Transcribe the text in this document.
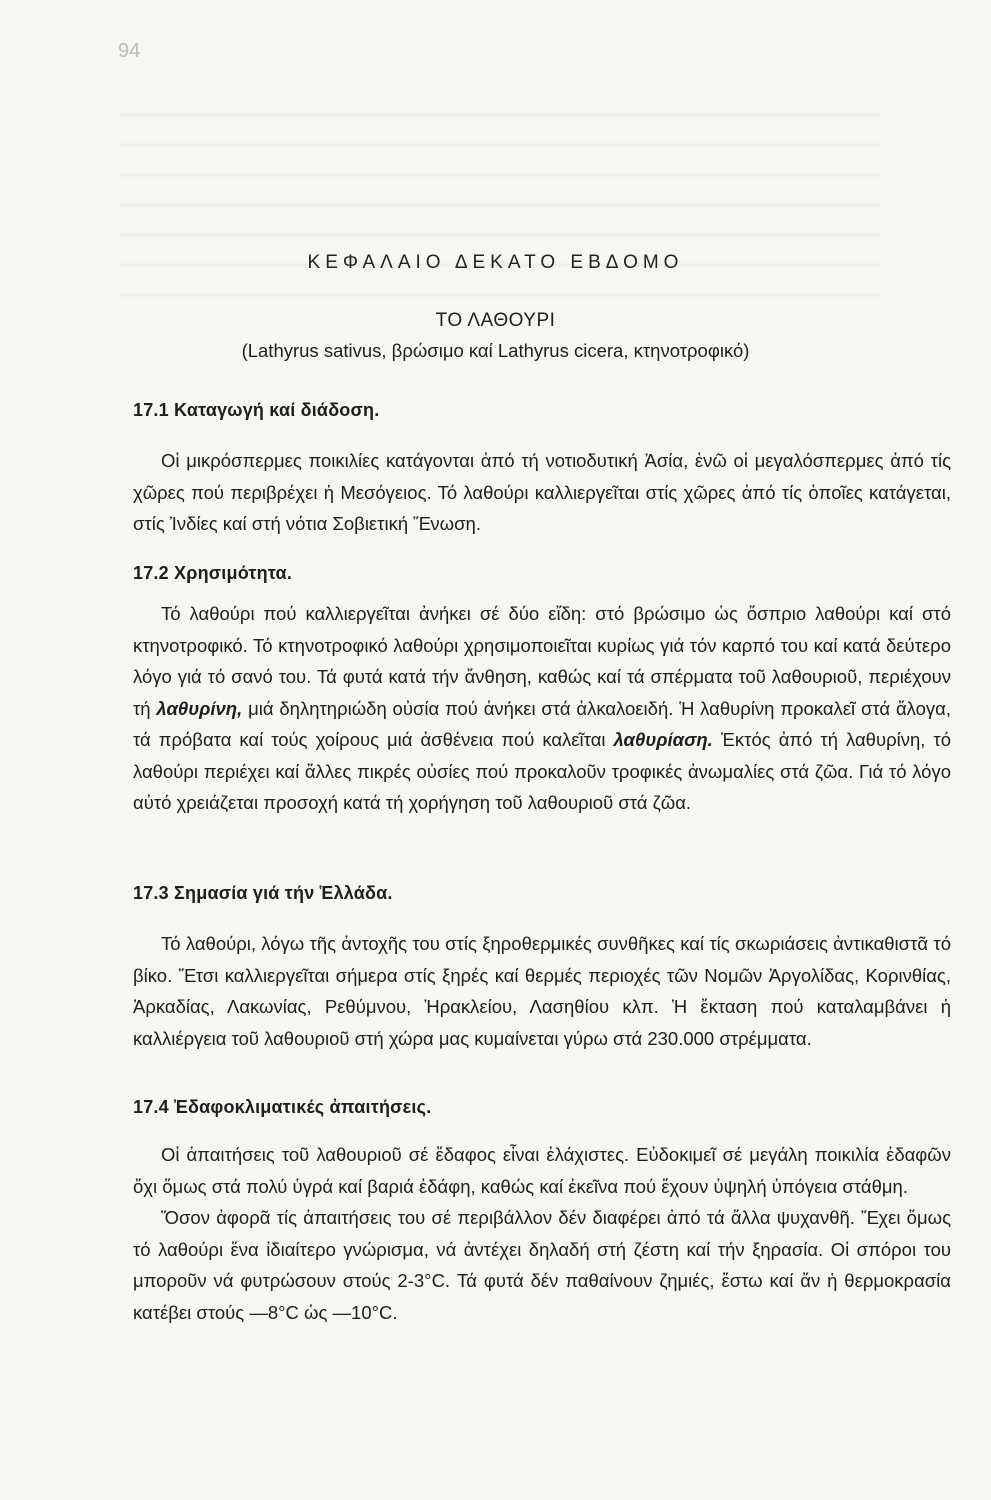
94
ΚΕΦΑΛΑΙΟ ΔΕΚΑΤΟ ΕΒΔΟΜΟ
ΤΟ ΛΑΘΟΥΡΙ
(Lathyrus sativus, βρώσιμο καί Lathyrus cicera, κτηνοτροφικό)
17.1 Καταγωγή καί διάδοση.

Οἱ μικρόσπερμες ποικιλίες κατάγονται ἀπό τή νοτιοδυτική Ἀσία, ἐνῶ οἱ μεγαλόσπερμες ἀπό τίς χῶρες πού περιβρέχει ἡ Μεσόγειος. Τό λαθούρι καλλιεργεῖται στίς χῶρες ἀπό τίς ὁποῖες κατάγεται, στίς Ἰνδίες καί στή νότια Σοβιετική Ἕνωση.

17.2 Χρησιμότητα.

Τό λαθούρι πού καλλιεργεῖται ἀνήκει σέ δύο εἴδη: στό βρώσιμο ὡς ὄσπριο λαθούρι καί στό κτηνοτροφικό. Τό κτηνοτροφικό λαθούρι χρησιμοποιεῖται κυρίως γιά τόν καρπό του καί κατά δεύτερο λόγο γιά τό σανό του. Τά φυτά κατά τήν ἄνθηση, καθώς καί τά σπέρματα τοῦ λαθουριοῦ, περιέχουν τή λαθυρίνη, μιά δηλητηριώδη οὐσία πού ἀνήκει στά ἀλκαλοειδή. Ἡ λαθυρίνη προκαλεῖ στά ἄλογα, τά πρόβατα καί τούς χοίρους μιά ἀσθένεια πού καλεῖται λαθυρίαση. Ἐκτός ἀπό τή λαθυρίνη, τό λαθούρι περιέχει καί ἄλλες πικρές οὐσίες πού προκαλοῦν τροφικές ἀνωμαλίες στά ζῶα. Γιά τό λόγο αὐτό χρειάζεται προσοχή κατά τή χορήγηση τοῦ λαθουριοῦ στά ζῶα.

17.3 Σημασία γιά τήν Ἑλλάδα.

Τό λαθούρι, λόγω τῆς ἀντοχῆς του στίς ξηροθερμικές συνθῆκες καί τίς σκωριάσεις ἀντικαθιστᾶ τό βίκο. Ἔτσι καλλιεργεῖται σήμερα στίς ξηρές καί θερμές περιοχές τῶν Νομῶν Ἀργολίδας, Κορινθίας, Ἀρκαδίας, Λακωνίας, Ρεθύμνου, Ἡρακλείου, Λασηθίου κλπ. Ἡ ἔκταση πού καταλαμβάνει ἡ καλλιέργεια τοῦ λαθουριοῦ στή χώρα μας κυμαίνεται γύρω στά 230.000 στρέμματα.

17.4 Ἐδαφοκλιματικές ἀπαιτήσεις.

Οἱ ἀπαιτήσεις τοῦ λαθουριοῦ σέ ἔδαφος εἶναι ἐλάχιστες. Εὐδοκιμεῖ σέ μεγάλη ποικιλία ἐδαφῶν ὄχι ὅμως στά πολύ ὑγρά καί βαριά ἐδάφη, καθώς καί ἐκεῖνα πού ἔχουν ὑψηλή ὑπόγεια στάθμη.

Ὅσον ἀφορᾶ τίς ἀπαιτήσεις του σέ περιβάλλον δέν διαφέρει ἀπό τά ἄλλα ψυχανθῆ. Ἔχει ὅμως τό λαθούρι ἕνα ἰδιαίτερο γνώρισμα, νά ἀντέχει δηλαδή στή ζέστη καί τήν ξηρασία. Οἱ σπόροι του μποροῦν νά φυτρώσουν στούς 2-3°C. Τά φυτά δέν παθαίνουν ζημιές, ἔστω καί ἄν ἡ θερμοκρασία κατέβει στούς —8°C ὡς —10°C.
